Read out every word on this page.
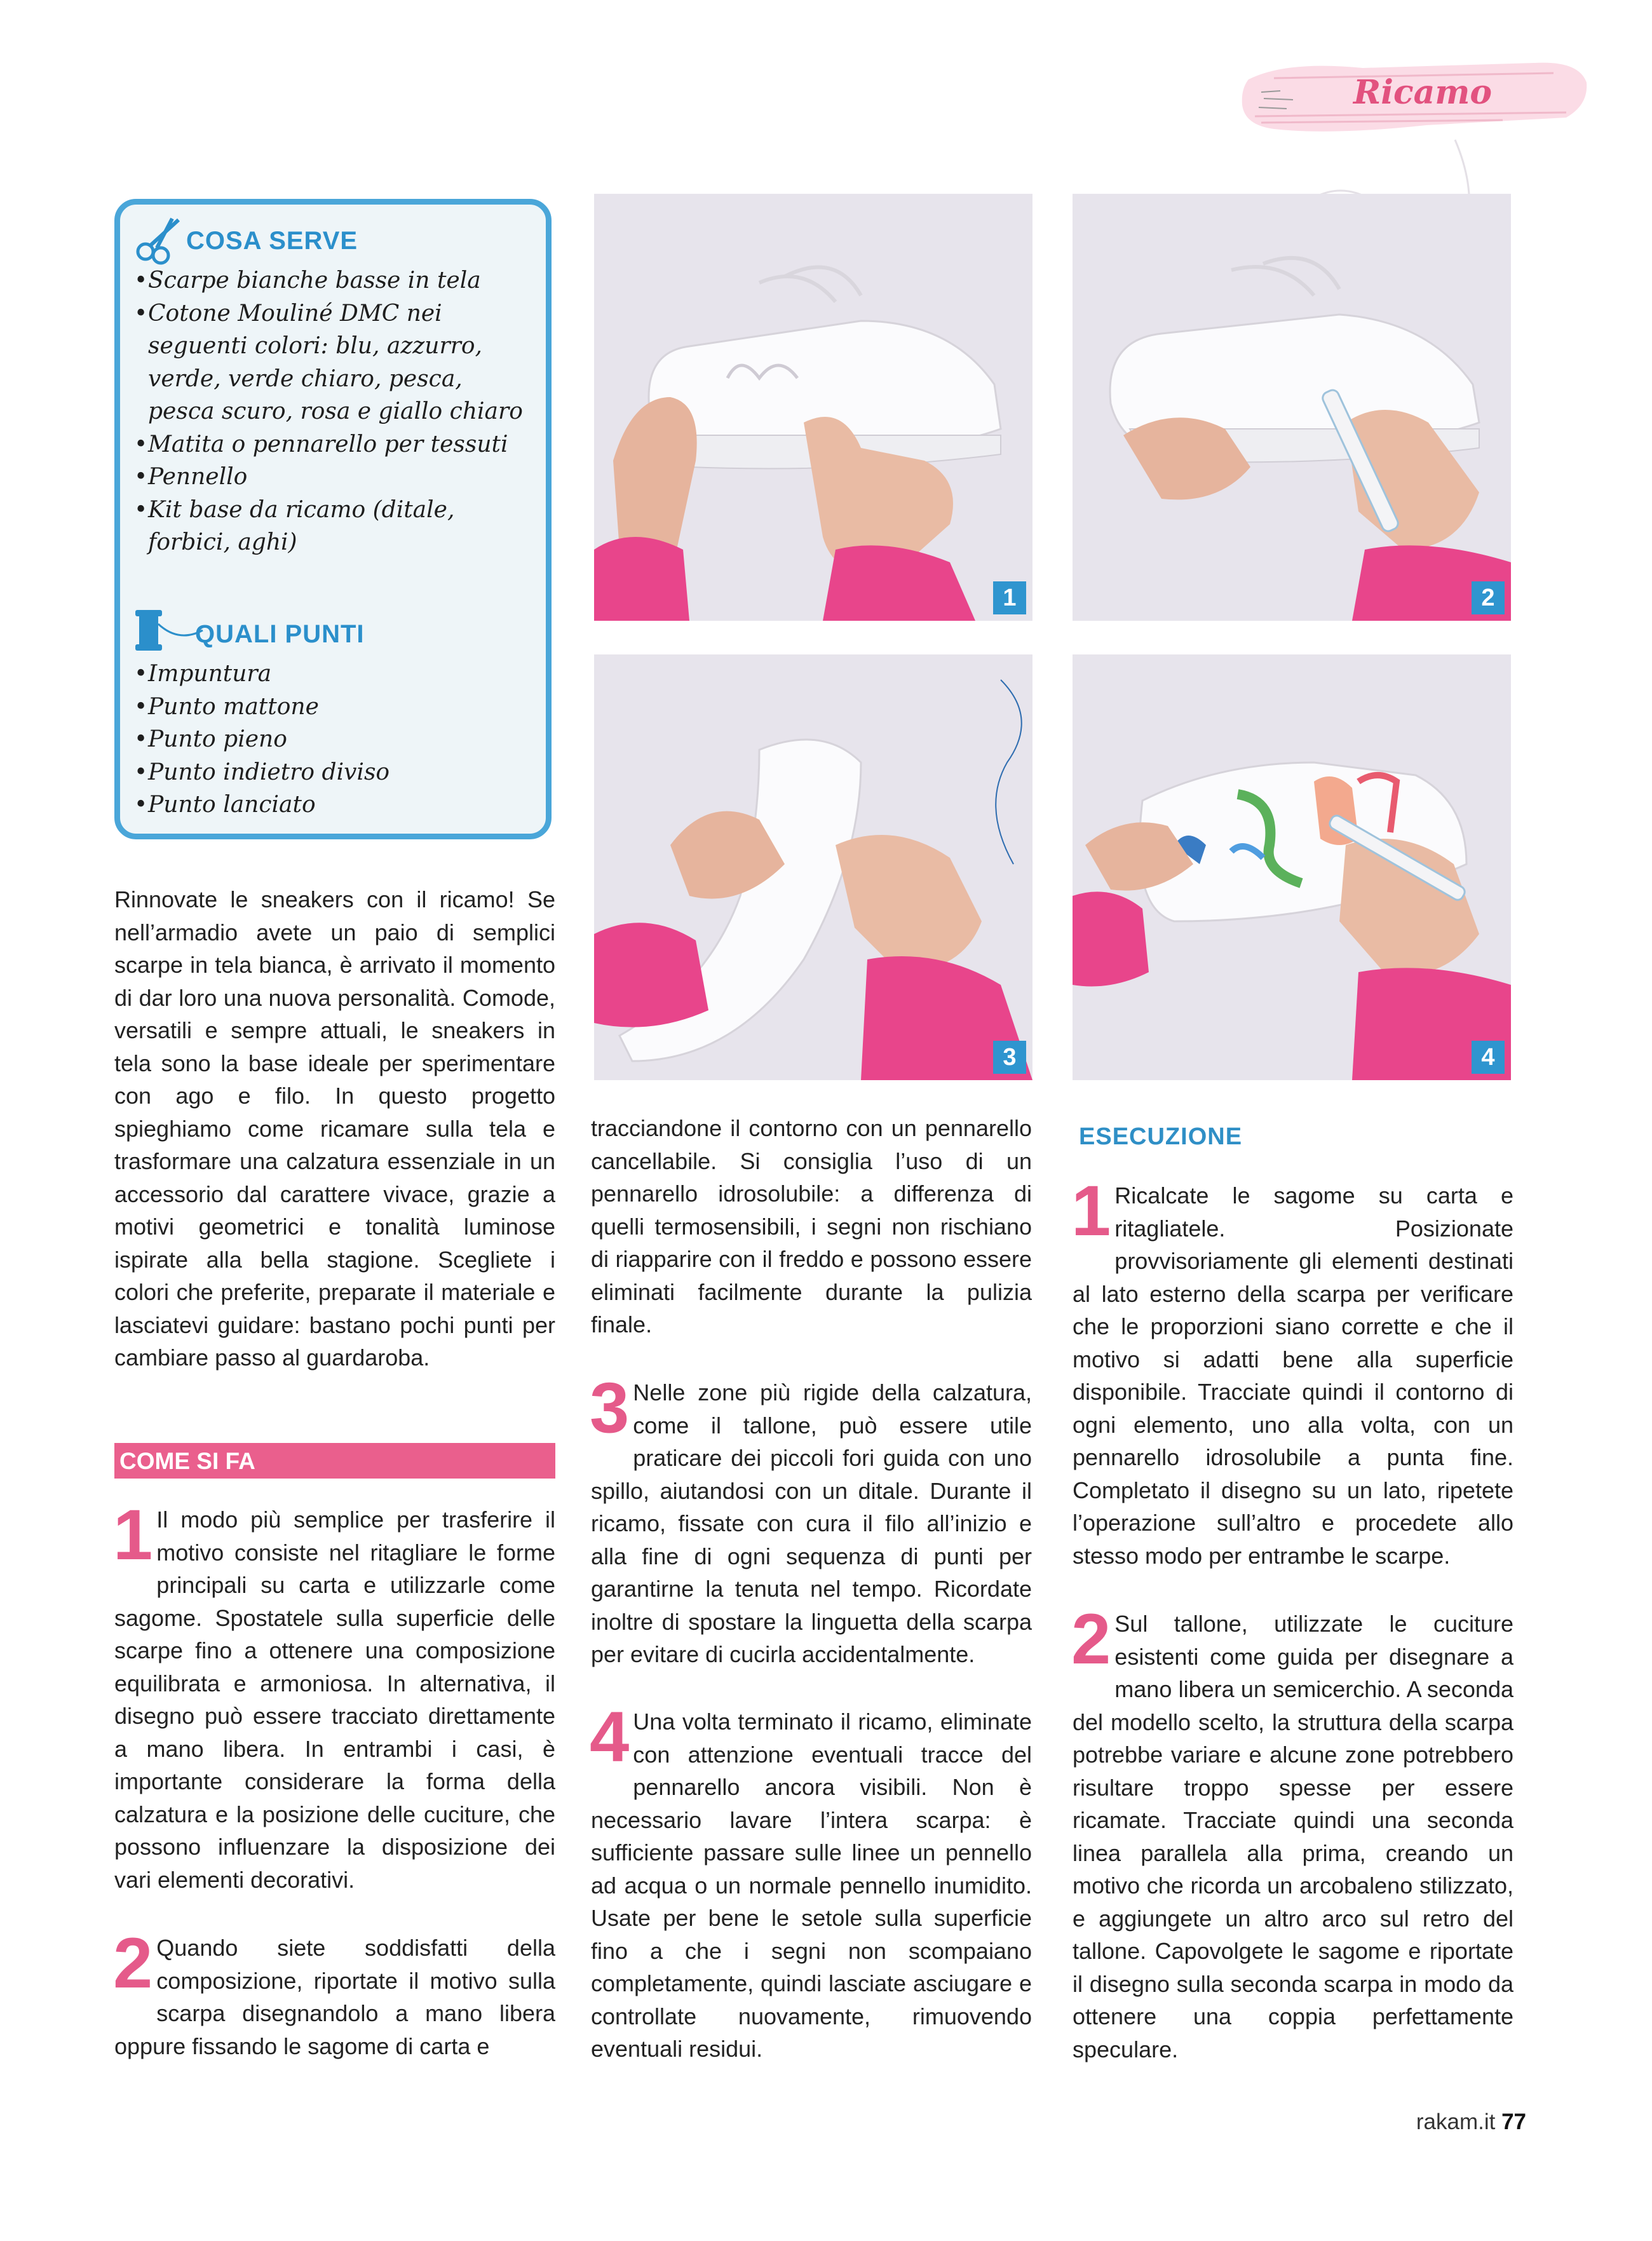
Ricamo
COSA SERVE
• Scarpe bianche basse in tela
• Cotone Mouliné DMC nei seguenti colori: blu, azzurro, verde, verde chiaro, pesca, pesca scuro, rosa e giallo chiaro
• Matita o pennarello per tessuti
• Pennello
• Kit base da ricamo (ditale, forbici, aghi)
QUALI PUNTI
• Impuntura
• Punto mattone
• Punto pieno
• Punto indietro diviso
• Punto lanciato

Rinnovate le sneakers con il ricamo! Se nell’armadio avete un paio di semplici scarpe in tela bianca, è arrivato il momento di dar loro una nuova personalità. Comode, versatili e sempre attuali, le sneakers in tela sono la base ideale per sperimentare con ago e filo. In questo progetto spieghiamo come ricamare sulla tela e trasformare una calzatura essenziale in un accessorio dal carattere vivace, grazie a motivi geometrici e tonalità luminose ispirate alla bella stagione. Scegliete i colori che preferite, preparate il materiale e lasciatevi guidare: bastano pochi punti per cambiare passo al guardaroba.

COME SI FA
1 Il modo più semplice per trasferire il motivo consiste nel ritagliare le forme principali su carta e utilizzarle come sagome. Spostatele sulla superficie delle scarpe fino a ottenere una composizione equilibrata e armoniosa. In alternativa, il disegno può essere tracciato direttamente a mano libera. In entrambi i casi, è importante considerare la forma della calzatura e la posizione delle cuciture, che possono influenzare la disposizione dei vari elementi decorativi.
2 Quando siete soddisfatti della composizione, riportate il motivo sulla scarpa disegnandolo a mano libera oppure fissando le sagome di carta e
tracciandone il contorno con un pennarello cancellabile. Si consiglia l’uso di un pennarello idrosolubile: a differenza di quelli termosensibili, i segni non rischiano di riapparire con il freddo e possono essere eliminati facilmente durante la pulizia finale.
3 Nelle zone più rigide della calzatura, come il tallone, può essere utile praticare dei piccoli fori guida con uno spillo, aiutandosi con un ditale. Durante il ricamo, fissate con cura il filo all’inizio e alla fine di ogni sequenza di punti per garantirne la tenuta nel tempo. Ricordate inoltre di spostare la linguetta della scarpa per evitare di cucirla accidentalmente.
4 Una volta terminato il ricamo, eliminate con attenzione eventuali tracce del pennarello ancora visibili. Non è necessario lavare l’intera scarpa: è sufficiente passare sulle linee un pennello ad acqua o un normale pennello inumidito. Usate per bene le setole sulla superficie fino a che i segni non scompaiano completamente, quindi lasciate asciugare e controllate nuovamente, rimuovendo eventuali residui.
ESECUZIONE
1 Ricalcate le sagome su carta e ritagliatele. Posizionate provvisoriamente gli elementi destinati al lato esterno della scarpa per verificare che le proporzioni siano corrette e che il motivo si adatti bene alla superficie disponibile. Tracciate quindi il contorno di ogni elemento, uno alla volta, con un pennarello idrosolubile a punta fine. Completato il disegno su un lato, ripetete l’operazione sull’altro e procedete allo stesso modo per entrambe le scarpe.
2 Sul tallone, utilizzate le cuciture esistenti come guida per disegnare a mano libera un semicerchio. A seconda del modello scelto, la struttura della scarpa potrebbe variare e alcune zone potrebbero risultare troppo spesse per essere ricamate. Tracciate quindi una seconda linea parallela alla prima, creando un motivo che ricorda un arcobaleno stilizzato, e aggiungete un altro arco sul retro del tallone. Capovolgete le sagome e riportate il disegno sulla seconda scarpa in modo da ottenere una coppia perfettamente speculare.
1	2
3	4
rakam.it 77
